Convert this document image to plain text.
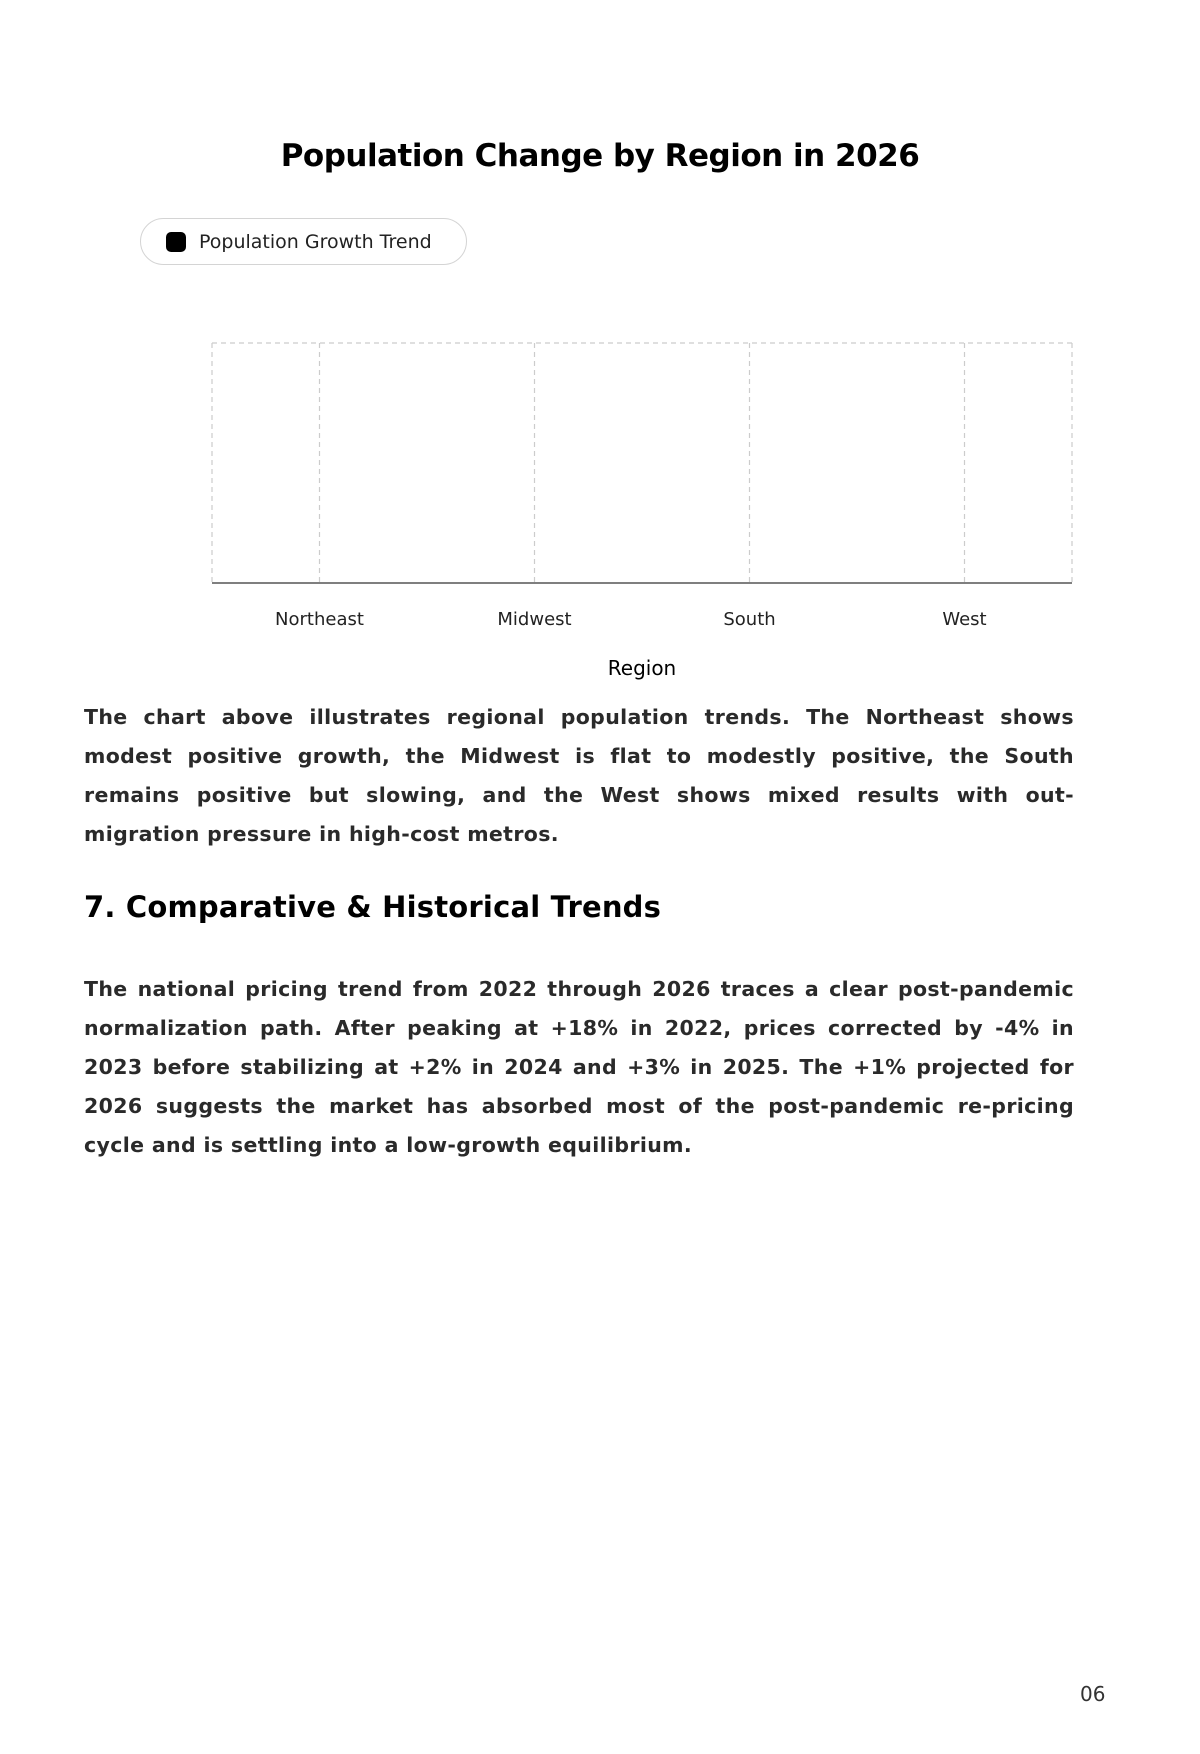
Population Change by Region in 2026
Population Growth Trend
Northeast	Midwest	South	West
Region
The chart above illustrates regional population trends. The Northeast shows modest positive growth, the Midwest is flat to modestly positive, the South remains positive but slowing, and the West shows mixed results with out-migration pressure in high-cost metros.
7. Comparative & Historical Trends
The national pricing trend from 2022 through 2026 traces a clear post-pandemic normalization path. After peaking at +18% in 2022, prices corrected by -4% in 2023 before stabilizing at +2% in 2024 and +3% in 2025. The +1% projected for 2026 suggests the market has absorbed most of the post-pandemic re-pricing cycle and is settling into a low-growth equilibrium.
06
